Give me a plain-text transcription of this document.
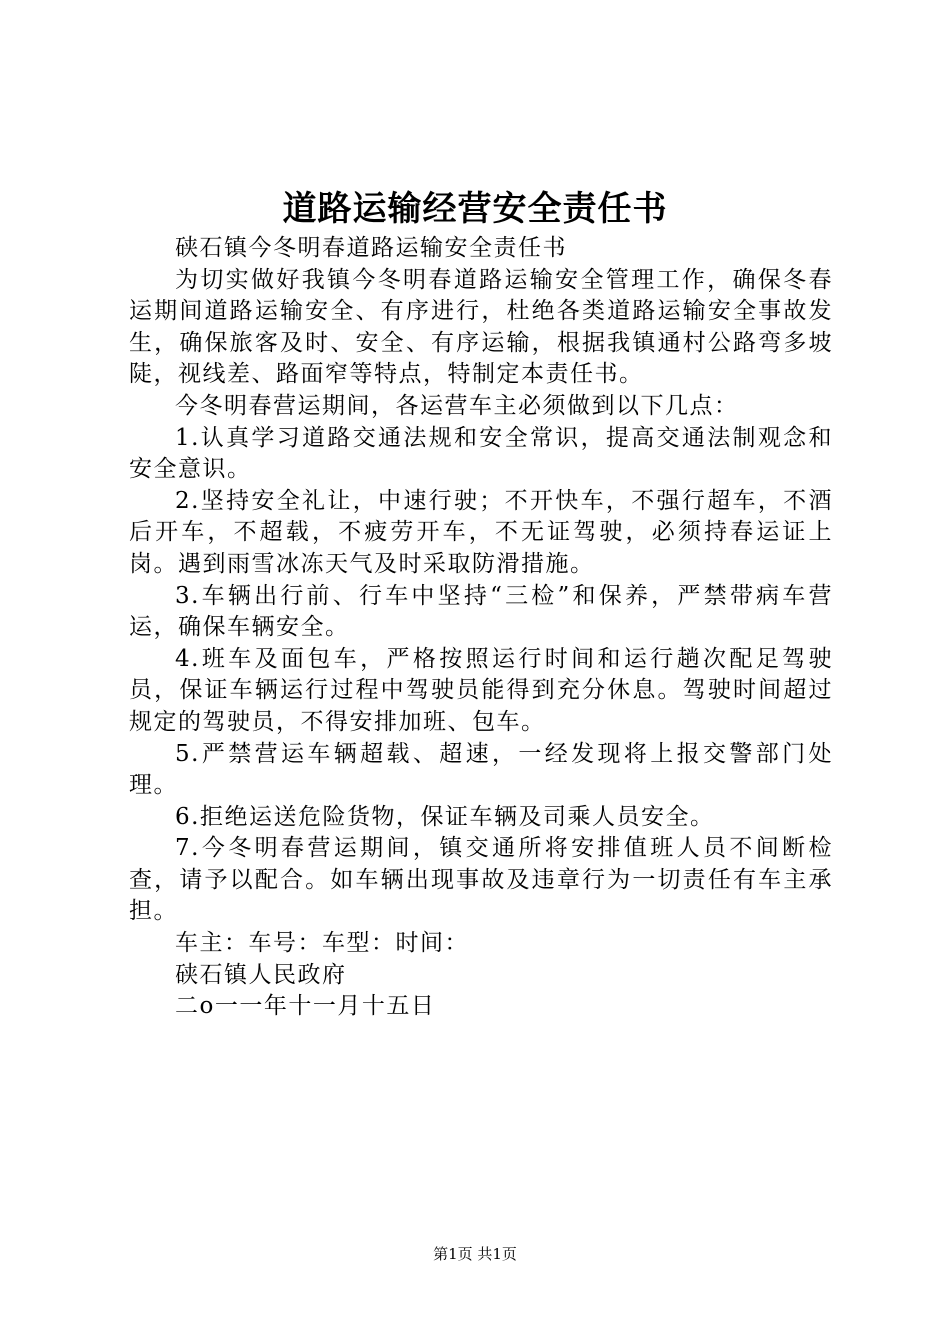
道路运输经营安全责任书

硖石镇今冬明春道路运输安全责任书

为切实做好我镇今冬明春道路运输安全管理工作，确保冬春运期间道路运输安全、有序进行，杜绝各类道路运输安全事故发生，确保旅客及时、安全、有序运输，根据我镇通村公路弯多坡陡，视线差、路面窄等特点，特制定本责任书。

今冬明春营运期间，各运营车主必须做到以下几点：

1.认真学习道路交通法规和安全常识，提高交通法制观念和安全意识。

2.坚持安全礼让，中速行驶；不开快车，不强行超车，不酒后开车，不超载，不疲劳开车，不无证驾驶，必须持春运证上岗。遇到雨雪冰冻天气及时采取防滑措施。

3.车辆出行前、行车中坚持“三检”和保养，严禁带病车营运，确保车辆安全。

4.班车及面包车，严格按照运行时间和运行趟次配足驾驶员，保证车辆运行过程中驾驶员能得到充分休息。驾驶时间超过规定的驾驶员，不得安排加班、包车。

5.严禁营运车辆超载、超速，一经发现将上报交警部门处理。

6.拒绝运送危险货物，保证车辆及司乘人员安全。

7.今冬明春营运期间，镇交通所将安排值班人员不间断检查，请予以配合。如车辆出现事故及违章行为一切责任有车主承担。

车主：车号：车型：时间：

硖石镇人民政府

二o一一年十一月十五日

第1页 共1页
